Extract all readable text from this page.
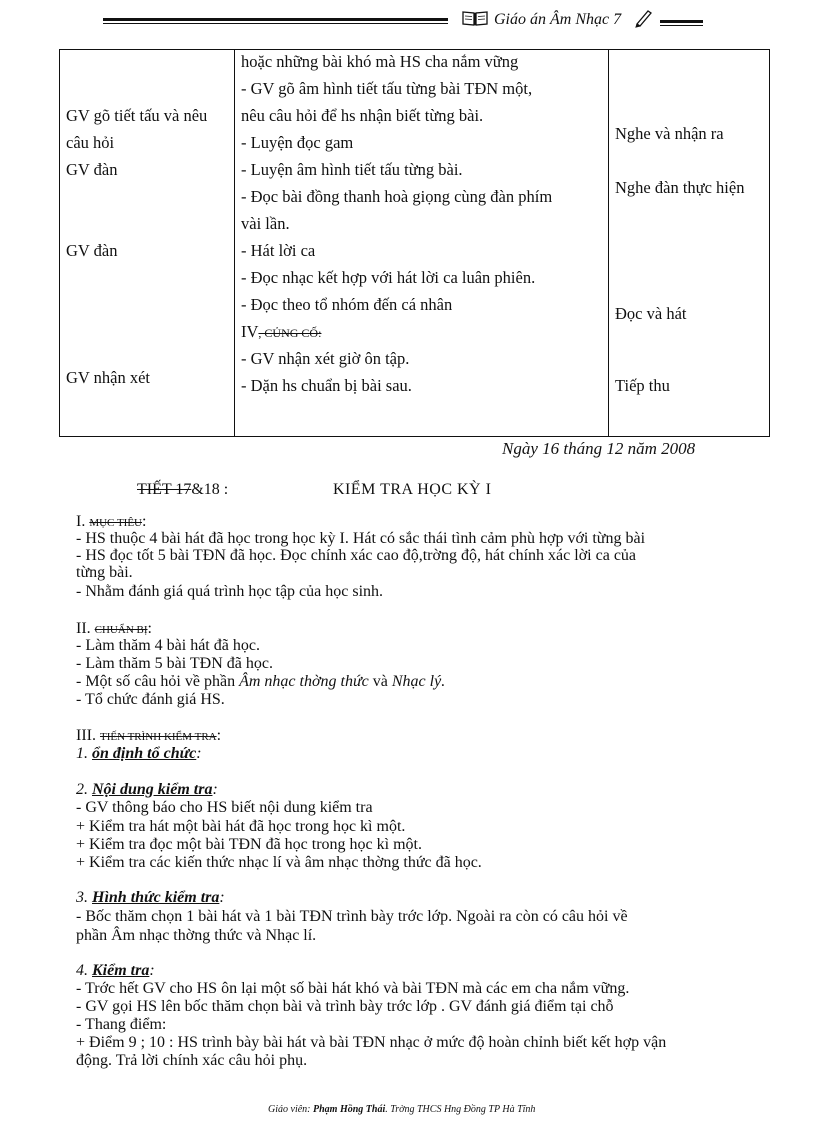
Giáo án Âm Nhạc 7
GV gõ tiết tấu và nêu
câu hỏi
GV đàn
GV đàn
GV nhận xét
hoặc những bài khó mà HS cha nắm vững
- GV gõ âm hình tiết tấu từng bài TĐN một,
nêu câu hỏi để hs nhận biết từng bài.
- Luyện đọc gam
- Luyện âm hình tiết tấu từng bài.
- Đọc bài đồng thanh hoà giọng cùng đàn phím
vài lần.
- Hát lời ca
- Đọc nhạc kết hợp với hát lời ca luân phiên.
- Đọc theo tổ nhóm đến cá nhân
IV, CỦNG CỐ:
- GV nhận xét giờ ôn tập.
- Dặn hs chuẩn bị bài sau.
Nghe và nhận ra
Nghe đàn thực hiện
Đọc và hát
Tiếp thu
Ngày 16 tháng 12 năm 2008
TIẾT 17&18 :	KIỂM TRA HỌC KỲ I
I. MỤC TIÊU:
- HS thuộc 4 bài hát đã học trong học kỳ I. Hát có sắc thái tình cảm phù hợp với từng bài
- HS đọc tốt 5 bài TĐN đã học. Đọc chính xác cao độ,trờng độ, hát chính xác lời ca của
từng bài.
- Nhằm đánh giá quá trình học tập của học sinh.
II. CHUẨN BỊ:
- Làm thăm 4 bài hát đã học.
- Làm thăm 5 bài TĐN đã học.
- Một số câu hỏi về phần Âm nhạc thờng thức và Nhạc lý.
- Tổ chức đánh giá HS.
III. TIẾN TRÌNH KIỂM TRA:
1. ổn định tổ chức:
2. Nội dung kiểm tra:
- GV thông báo cho HS biết nội dung kiểm tra
+ Kiểm tra hát một bài hát đã học trong học kì một.
+ Kiểm tra đọc một bài TĐN đã học trong học kì một.
+ Kiểm tra các kiến thức nhạc lí và âm nhạc thờng thức đã học.
3. Hình thức kiểm tra:
- Bốc thăm chọn 1 bài hát và 1 bài TĐN trình bày trớc lớp. Ngoài ra còn có câu hỏi về
phần Âm nhạc thờng thức và Nhạc lí.
4. Kiểm tra:
- Trớc hết GV cho HS ôn lại một số bài hát khó và bài TĐN mà các em cha nắm vững.
- GV gọi HS lên bốc thăm chọn bài và trình bày trớc lớp . GV đánh giá điểm tại chỗ
- Thang điểm:
+ Điểm 9 ; 10 : HS trình bày bài hát và bài TĐN nhạc ở mức độ hoàn chỉnh biết kết hợp vận
động. Trả lời chính xác câu hỏi phụ.
Giáo viên: Phạm Hồng Thái. Trờng THCS Hng Đồng TP Hà Tĩnh
